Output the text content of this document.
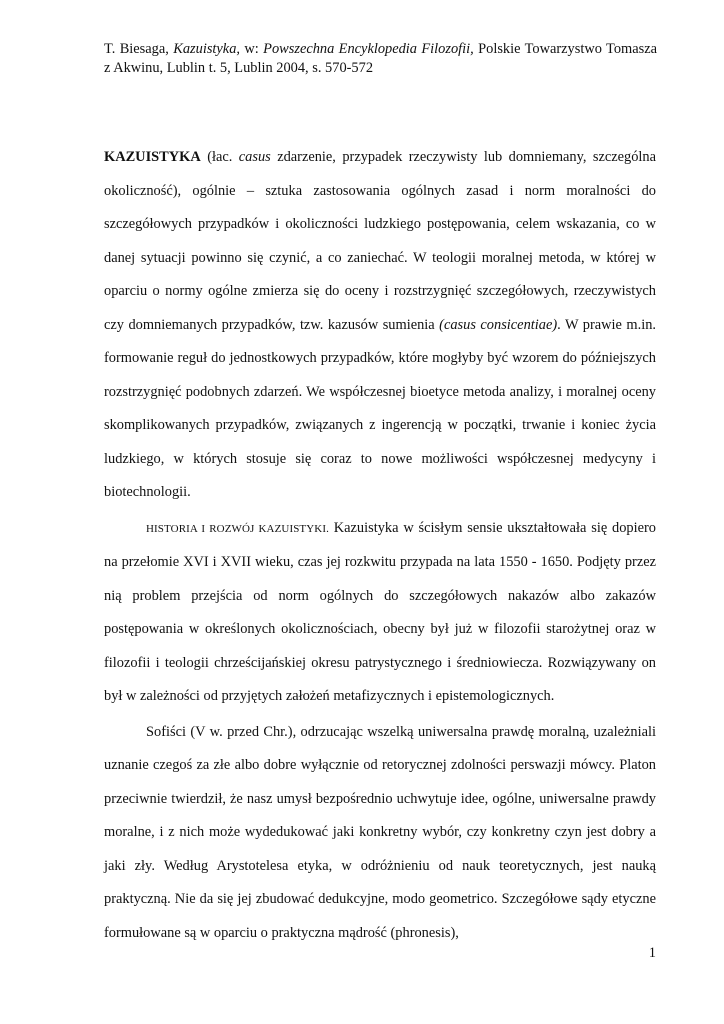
T. Biesaga, Kazuistyka, w: Powszechna Encyklopedia Filozofii, Polskie Towarzystwo Tomasza z Akwinu, Lublin t. 5, Lublin 2004, s. 570-572

KAZUISTYKA (łac. casus zdarzenie, przypadek rzeczywisty lub domniemany, szczególna okoliczność), ogólnie – sztuka zastosowania ogólnych zasad i norm moralności do szczegółowych przypadków i okoliczności ludzkiego postępowania, celem wskazania, co w danej sytuacji powinno się czynić, a co zaniechać. W teologii moralnej metoda, w której w oparciu o normy ogólne zmierza się do oceny i rozstrzygnięć szczegółowych, rzeczywistych czy domniemanych przypadków, tzw. kazusów sumienia (casus consicentiae). W prawie m.in. formowanie reguł do jednostkowych przypadków, które mogłyby być wzorem do późniejszych rozstrzygnięć podobnych zdarzeń. We współczesnej bioetyce metoda analizy, i moralnej oceny skomplikowanych przypadków, związanych z ingerencją w początki, trwanie i koniec życia ludzkiego, w których stosuje się coraz to nowe możliwości współczesnej medycyny i biotechnologii.

HISTORIA I ROZWÓJ KAZUISTYKI. Kazuistyka w ścisłym sensie ukształtowała się dopiero na przełomie XVI i XVII wieku, czas jej rozkwitu przypada na lata 1550 - 1650. Podjęty przez nią problem przejścia od norm ogólnych do szczegółowych nakazów albo zakazów postępowania w określonych okolicznościach, obecny był już w filozofii starożytnej oraz w filozofii i teologii chrześcijańskiej okresu patrystycznego i średniowiecza. Rozwiązywany on był w zależności od przyjętych założeń metafizycznych i epistemologicznych.

Sofiści (V w. przed Chr.), odrzucając wszelką uniwersalna prawdę moralną, uzależniali uznanie czegoś za złe albo dobre wyłącznie od retorycznej zdolności perswazji mówcy. Platon przeciwnie twierdził, że nasz umysł bezpośrednio uchwytuje idee, ogólne, uniwersalne prawdy moralne, i z nich może wydedukować jaki konkretny wybór, czy konkretny czyn jest dobry a jaki zły. Według Arystotelesa etyka, w odróżnieniu od nauk teoretycznych, jest nauką praktyczną. Nie da się jej zbudować dedukcyjne, modo geometrico. Szczegółowe sądy etyczne formułowane są w oparciu o praktyczna mądrość (phronesis),

1
